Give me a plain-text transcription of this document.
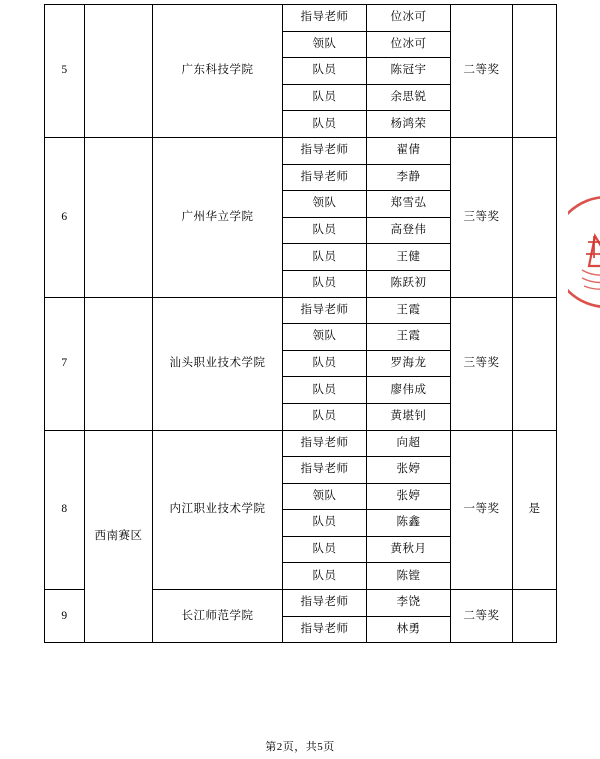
5		广东科技学院	指导老师	位冰可	二等奖	
			领队	位冰可		
			队员	陈冠宇		
			队员	余思锐		
			队员	杨鸿荣		
6		广州华立学院	指导老师	翟倩	三等奖	
			指导老师	李静		
			领队	郑雪弘		
			队员	高登伟		
			队员	王健		
			队员	陈跃初		
7		汕头职业技术学院	指导老师	王霞	三等奖	
			领队	王霞		
			队员	罗海龙		
			队员	廖伟成		
			队员	黄堪钊		
8	西南赛区	内江职业技术学院	指导老师	向超	一等奖	是
			指导老师	张婷		
			领队	张婷		
			队员	陈鑫		
			队员	黄秋月		
			队员	陈镗		
9		长江师范学院	指导老师	李饶	二等奖	
			指导老师	林勇		
第2页，共5页
